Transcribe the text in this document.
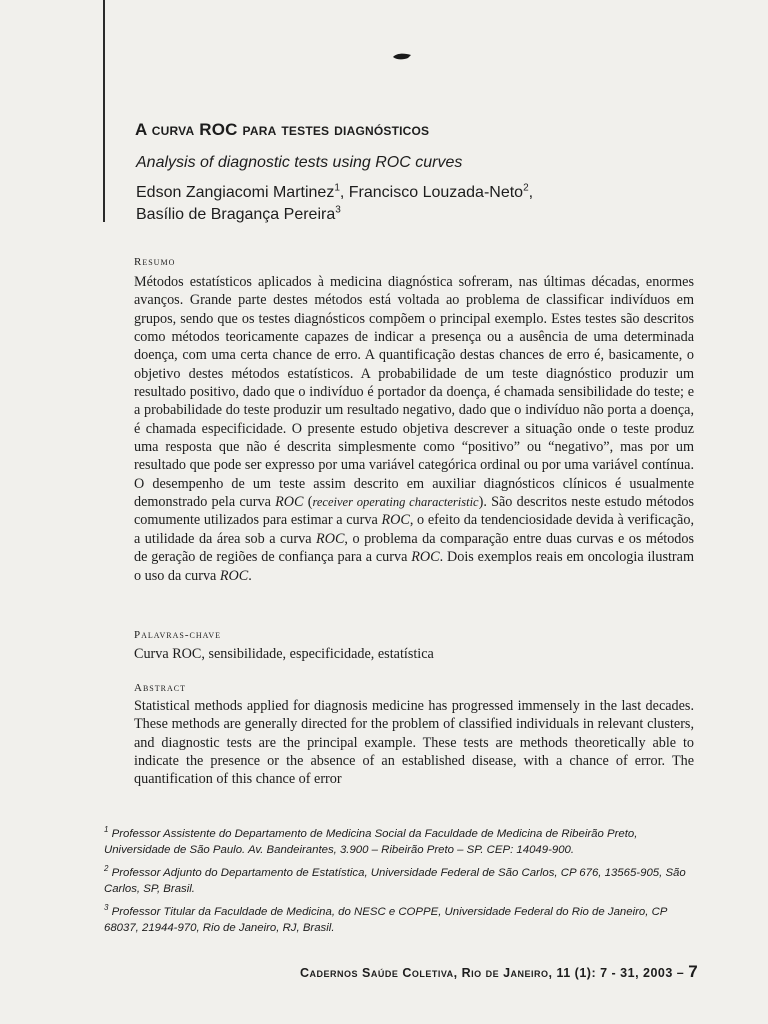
A curva ROC para testes diagnósticos
Analysis of diagnostic tests using ROC curves
Edson Zangiacomi Martinez$^1$, Francisco Louzada-Neto$^2$,
Basílio de Bragança Pereira$^3$
Resumo

Métodos estatísticos aplicados à medicina diagnóstica sofreram, nas últimas décadas, enormes avanços. Grande parte destes métodos está voltada ao problema de classificar indivíduos em grupos, sendo que os testes diagnósticos compõem o principal exemplo. Estes testes são descritos como métodos teoricamente capazes de indicar a presença ou a ausência de uma determinada doença, com uma certa chance de erro. A quantificação destas chances de erro é, basicamente, o objetivo destes métodos estatísticos. A probabilidade de um teste diagnóstico produzir um resultado positivo, dado que o indivíduo é portador da doença, é chamada sensibilidade do teste; e a probabilidade do teste produzir um resultado negativo, dado que o indivíduo não porta a doença, é chamada especificidade. O presente estudo objetiva descrever a situação onde o teste produz uma resposta que não é descrita simplesmente como “positivo” ou “negativo”, mas por um resultado que pode ser expresso por uma variável categórica ordinal ou por uma variável contínua. O desempenho de um teste assim descrito em auxiliar diagnósticos clínicos é usualmente demonstrado pela curva ROC (receiver operating characteristic). São descritos neste estudo métodos comumente utilizados para estimar a curva ROC, o efeito da tendenciosidade devida à verificação, a utilidade da área sob a curva ROC, o problema da comparação entre duas curvas e os métodos de geração de regiões de confiança para a curva ROC. Dois exemplos reais em oncologia ilustram o uso da curva ROC.

Palavras-chave
Curva ROC, sensibilidade, especificidade, estatística
Abstract

Statistical methods applied for diagnosis medicine has progressed immensely in the last decades. These methods are generally directed for the problem of classified individuals in relevant clusters, and diagnostic tests are the principal example. These tests are methods theoretically able to indicate the presence or the absence of an established disease, with a chance of error. The quantification of this chance of error

$^1$ Professor Assistente do Departamento de Medicina Social da Faculdade de Medicina de Ribeirão Preto, Universidade de São Paulo. Av. Bandeirantes, 3.900 – Ribeirão Preto – SP. CEP: 14049-900.

$^2$ Professor Adjunto do Departamento de Estatística, Universidade Federal de São Carlos, CP 676, 13565-905, São Carlos, SP, Brasil.

$^3$ Professor Titular da Faculdade de Medicina, do NESC e COPPE, Universidade Federal do Rio de Janeiro, CP 68037, 21944-970, Rio de Janeiro, RJ, Brasil.

Cadernos Saúde Coletiva, Rio de Janeiro, 11 (1): 7 - 31, 2003 – 7
